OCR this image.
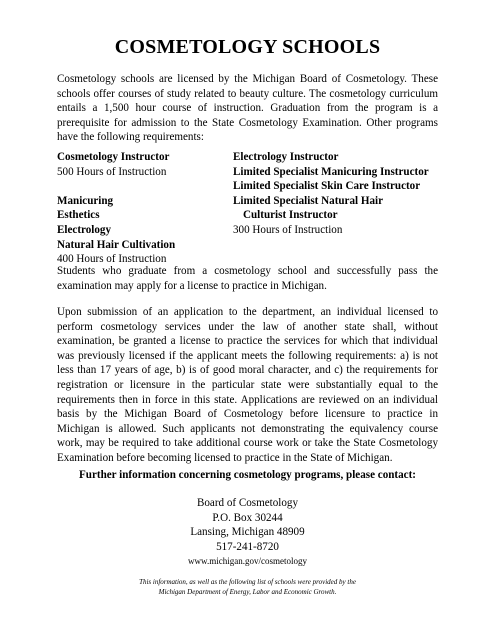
COSMETOLOGY SCHOOLS
Cosmetology schools are licensed by the Michigan Board of Cosmetology. These schools offer courses of study related to beauty culture. The cosmetology curriculum entails a 1,500 hour course of instruction. Graduation from the program is a prerequisite for admission to the State Cosmetology Examination. Other programs have the following requirements:
Cosmetology Instructor
500 Hours of Instruction
Manicuring
Esthetics
Electrology
Natural Hair Cultivation
400 Hours of Instruction
Electrology Instructor
Limited Specialist Manicuring Instructor
Limited Specialist Skin Care Instructor
Limited Specialist Natural Hair
Culturist Instructor
300 Hours of Instruction
Students who graduate from a cosmetology school and successfully pass the examination may apply for a license to practice in Michigan.
Upon submission of an application to the department, an individual licensed to perform cosmetology services under the law of another state shall, without examination, be granted a license to practice the services for which that individual was previously licensed if the applicant meets the following requirements: a) is not less than 17 years of age, b) is of good moral character, and c) the requirements for registration or licensure in the particular state were substantially equal to the requirements then in force in this state. Applications are reviewed on an individual basis by the Michigan Board of Cosmetology before licensure to practice in Michigan is allowed. Such applicants not demonstrating the equivalency course work, may be required to take additional course work or take the State Cosmetology Examination before becoming licensed to practice in the State of Michigan.
Further information concerning cosmetology programs, please contact:
Board of Cosmetology
P.O. Box 30244
Lansing, Michigan 48909
517-241-8720
www.michigan.gov/cosmetology
This information, as well as the following list of schools were provided by the
Michigan Department of Energy, Labor and Economic Growth.
